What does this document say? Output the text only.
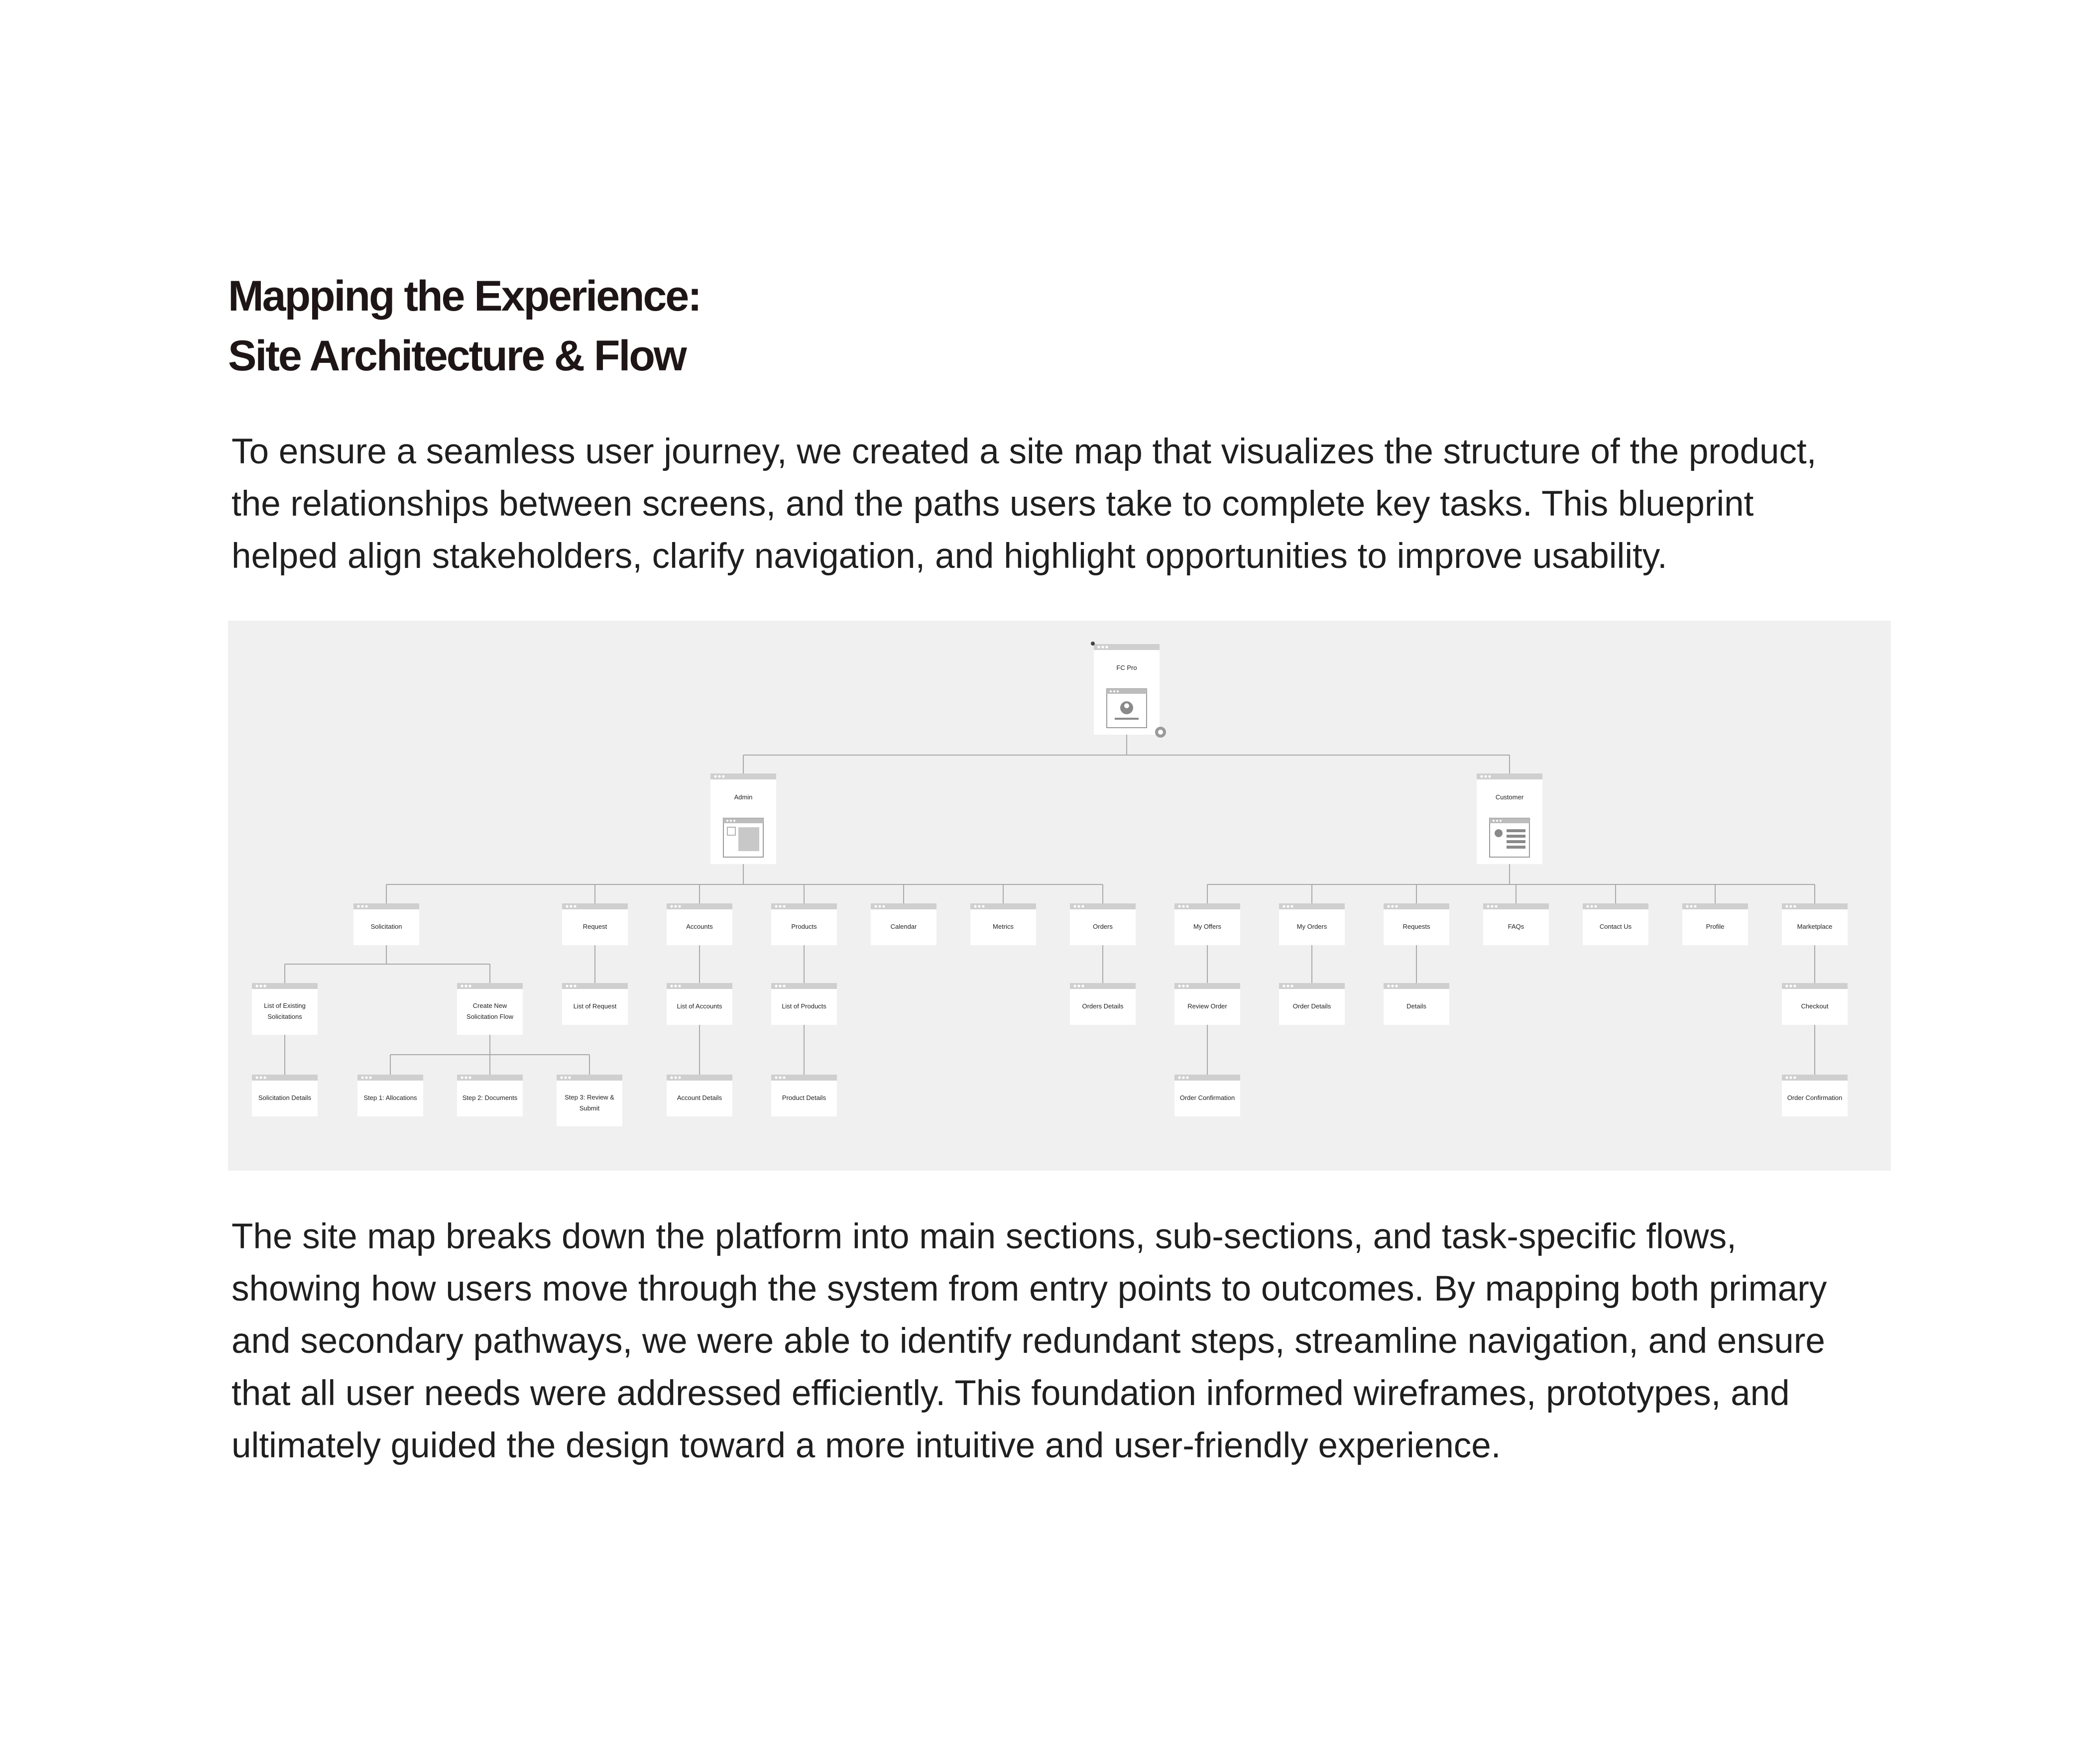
Mapping the Experience:
Site Architecture & Flow

To ensure a seamless user journey, we created a site map that visualizes the structure of the product,
the relationships between screens, and the paths users take to complete key tasks. This blueprint
helped align stakeholders, clarify navigation, and highlight opportunities to improve usability.

FC Pro
Admin	Customer
Solicitation	Request	Accounts	Products	Calendar	Metrics	Orders	My Offers	My Orders	Requests	FAQs	Contact Us	Profile	Marketplace
List of Existing
Solicitations
Create New
Solicitation Flow
List of Request	List of Accounts	List of Products	Orders Details	Review Order	Order Details	Details	Checkout
Solicitation Details	Step 1: Allocations	Step 2: Documents	Step 3: Review &
Submit
Account Details	Product Details	Order Confirmation	Order Confirmation

The site map breaks down the platform into main sections, sub-sections, and task-specific flows,
showing how users move through the system from entry points to outcomes. By mapping both primary
and secondary pathways, we were able to identify redundant steps, streamline navigation, and ensure
that all user needs were addressed efficiently. This foundation informed wireframes, prototypes, and
ultimately guided the design toward a more intuitive and user-friendly experience.
